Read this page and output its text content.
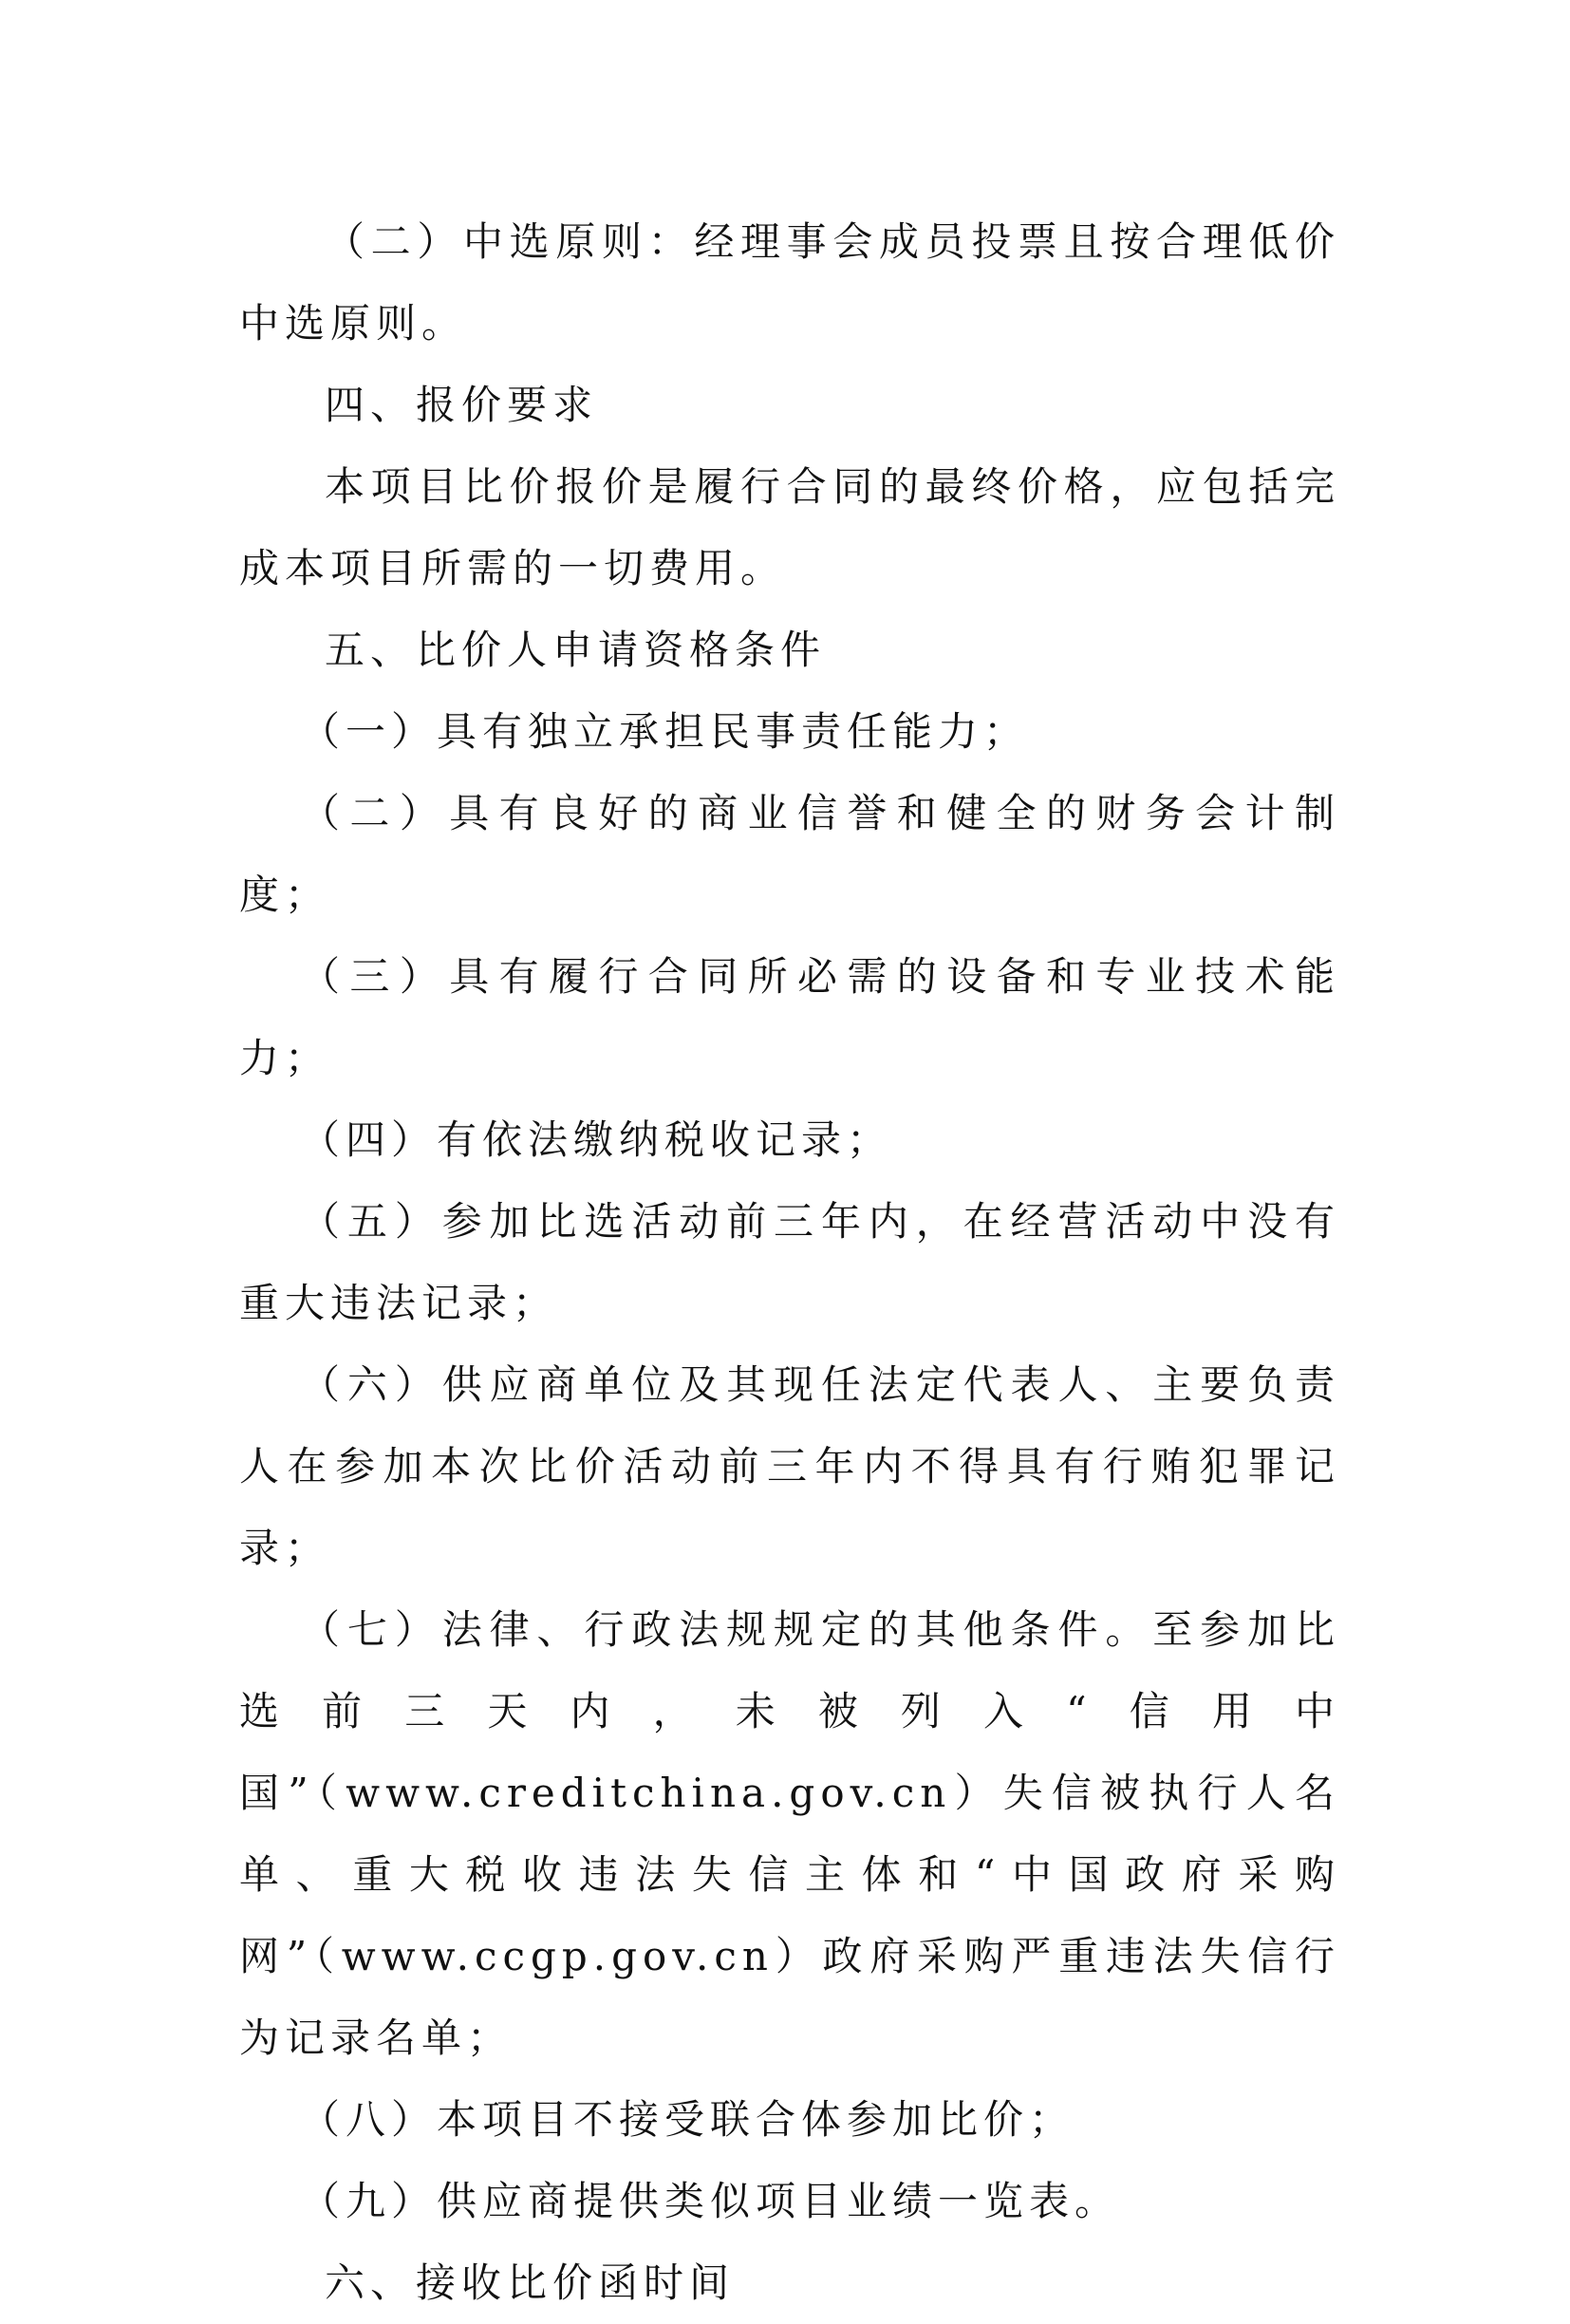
（二）中选原则：经理事会成员投票且按合理低价中选原则。

四、报价要求

本项目比价报价是履行合同的最终价格，应包括完成本项目所需的一切费用。

五、比价人申请资格条件

（一）具有独立承担民事责任能力；

（二）具有良好的商业信誉和健全的财务会计制度；

（三）具有履行合同所必需的设备和专业技术能力；

（四）有依法缴纳税收记录；

（五）参加比选活动前三年内，在经营活动中没有重大违法记录；

（六）供应商单位及其现任法定代表人、主要负责人在参加本次比价活动前三年内不得具有行贿犯罪记录；

（七）法律、行政法规规定的其他条件。至参加比选前三天内，未被列入“信用中国”（www.creditchina.gov.cn）失信被执行人名单、重大税收违法失信主体和“中国政府采购网”（www.ccgp.gov.cn）政府采购严重违法失信行为记录名单；

（八）本项目不接受联合体参加比价；

（九）供应商提供类似项目业绩一览表。

六、接收比价函时间
